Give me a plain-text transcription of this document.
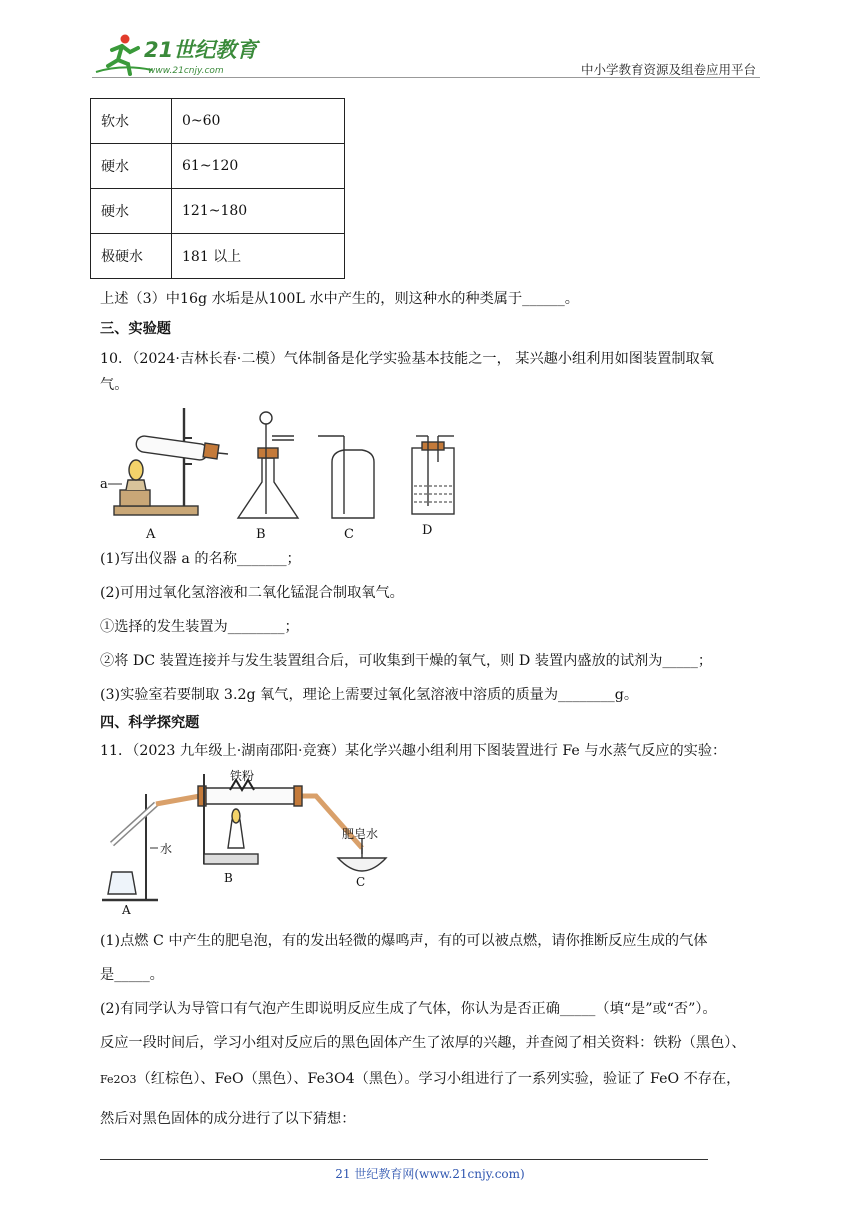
21世纪教育
www.21cnjy.com	中小学教育资源及组卷应用平台
软水	0~60
硬水	61~120
硬水	121~180
极硬水	181 以上
上述（3）中16g 水垢是从100L 水中产生的，则这种水的种类属于______。
三、实验题
10．（2024·吉林长春·二模）气体制备是化学实验基本技能之一， 某兴趣小组利用如图装置制取氧
气。
a
A	B	C	D
(1)写出仪器 a 的名称_______；
(2)可用过氧化氢溶液和二氧化锰混合制取氧气。
①选择的发生装置为________；
②将 DC 装置连接并与发生装置组合后，可收集到干燥的氧气，则 D 装置内盛放的试剂为_____；
(3)实验室若要制取 3.2g 氧气，理论上需要过氧化氢溶液中溶质的质量为________g。
四、科学探究题
11．（2023 九年级上·湖南邵阳·竞赛）某化学兴趣小组利用下图装置进行 Fe 与水蒸气反应的实验：
水
A
铁粉
B
肥皂水
C
(1)点燃 C 中产生的肥皂泡，有的发出轻微的爆鸣声，有的可以被点燃，请你推断反应生成的气体
是_____。
(2)有同学认为导管口有气泡产生即说明反应生成了气体，你认为是否正确_____（填“是”或“否”）。
反应一段时间后，学习小组对反应后的黑色固体产生了浓厚的兴趣，并查阅了相关资料：铁粉（黑色）、
Fe2O3（红棕色）、FeO（黑色）、Fe3O4（黑色）。学习小组进行了一系列实验，验证了 FeO 不存在，
然后对黑色固体的成分进行了以下猜想：
21 世纪教育网(www.21cnjy.com)
